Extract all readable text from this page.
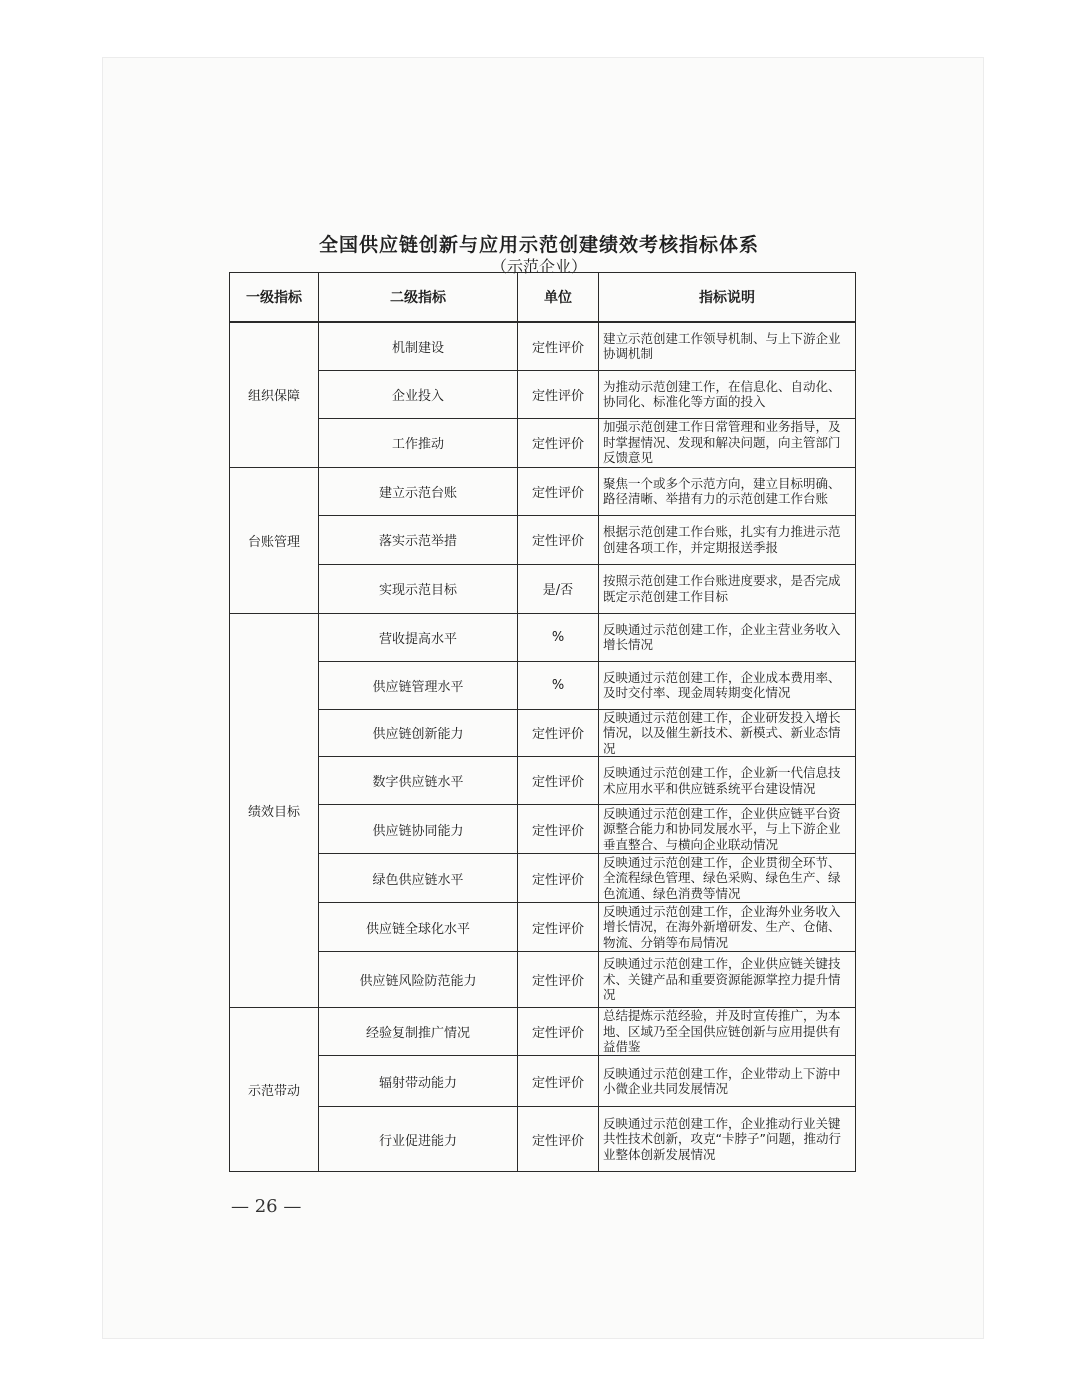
全国供应链创新与应用示范创建绩效考核指标体系
（示范企业）
一级指标	二级指标	单位	指标说明
组织保障	机制建设	定性评价	建立示范创建工作领导机制、与上下游企业协调机制
	企业投入	定性评价	为推动示范创建工作，在信息化、自动化、协同化、标准化等方面的投入
	工作推动	定性评价	加强示范创建工作日常管理和业务指导，及时掌握情况、发现和解决问题，向主管部门反馈意见
台账管理	建立示范台账	定性评价	聚焦一个或多个示范方向，建立目标明确、路径清晰、举措有力的示范创建工作台账
	落实示范举措	定性评价	根据示范创建工作台账，扎实有力推进示范创建各项工作，并定期报送季报
	实现示范目标	是/否	按照示范创建工作台账进度要求，是否完成既定示范创建工作目标
绩效目标	营收提高水平	%	反映通过示范创建工作，企业主营业务收入增长情况
	供应链管理水平	%	反映通过示范创建工作，企业成本费用率、及时交付率、现金周转期变化情况
	供应链创新能力	定性评价	反映通过示范创建工作，企业研发投入增长情况，以及催生新技术、新模式、新业态情况
	数字供应链水平	定性评价	反映通过示范创建工作，企业新一代信息技术应用水平和供应链系统平台建设情况
	供应链协同能力	定性评价	反映通过示范创建工作，企业供应链平台资源整合能力和协同发展水平，与上下游企业垂直整合、与横向企业联动情况
	绿色供应链水平	定性评价	反映通过示范创建工作，企业贯彻全环节、全流程绿色管理、绿色采购、绿色生产、绿色流通、绿色消费等情况
	供应链全球化水平	定性评价	反映通过示范创建工作，企业海外业务收入增长情况，在海外新增研发、生产、仓储、物流、分销等布局情况
	供应链风险防范能力	定性评价	反映通过示范创建工作，企业供应链关键技术、关键产品和重要资源能源掌控力提升情况
示范带动	经验复制推广情况	定性评价	总结提炼示范经验，并及时宣传推广，为本地、区域乃至全国供应链创新与应用提供有益借鉴
	辐射带动能力	定性评价	反映通过示范创建工作，企业带动上下游中小微企业共同发展情况
	行业促进能力	定性评价	反映通过示范创建工作，企业推动行业关键共性技术创新，攻克“卡脖子”问题，推动行业整体创新发展情况
— 26 —
